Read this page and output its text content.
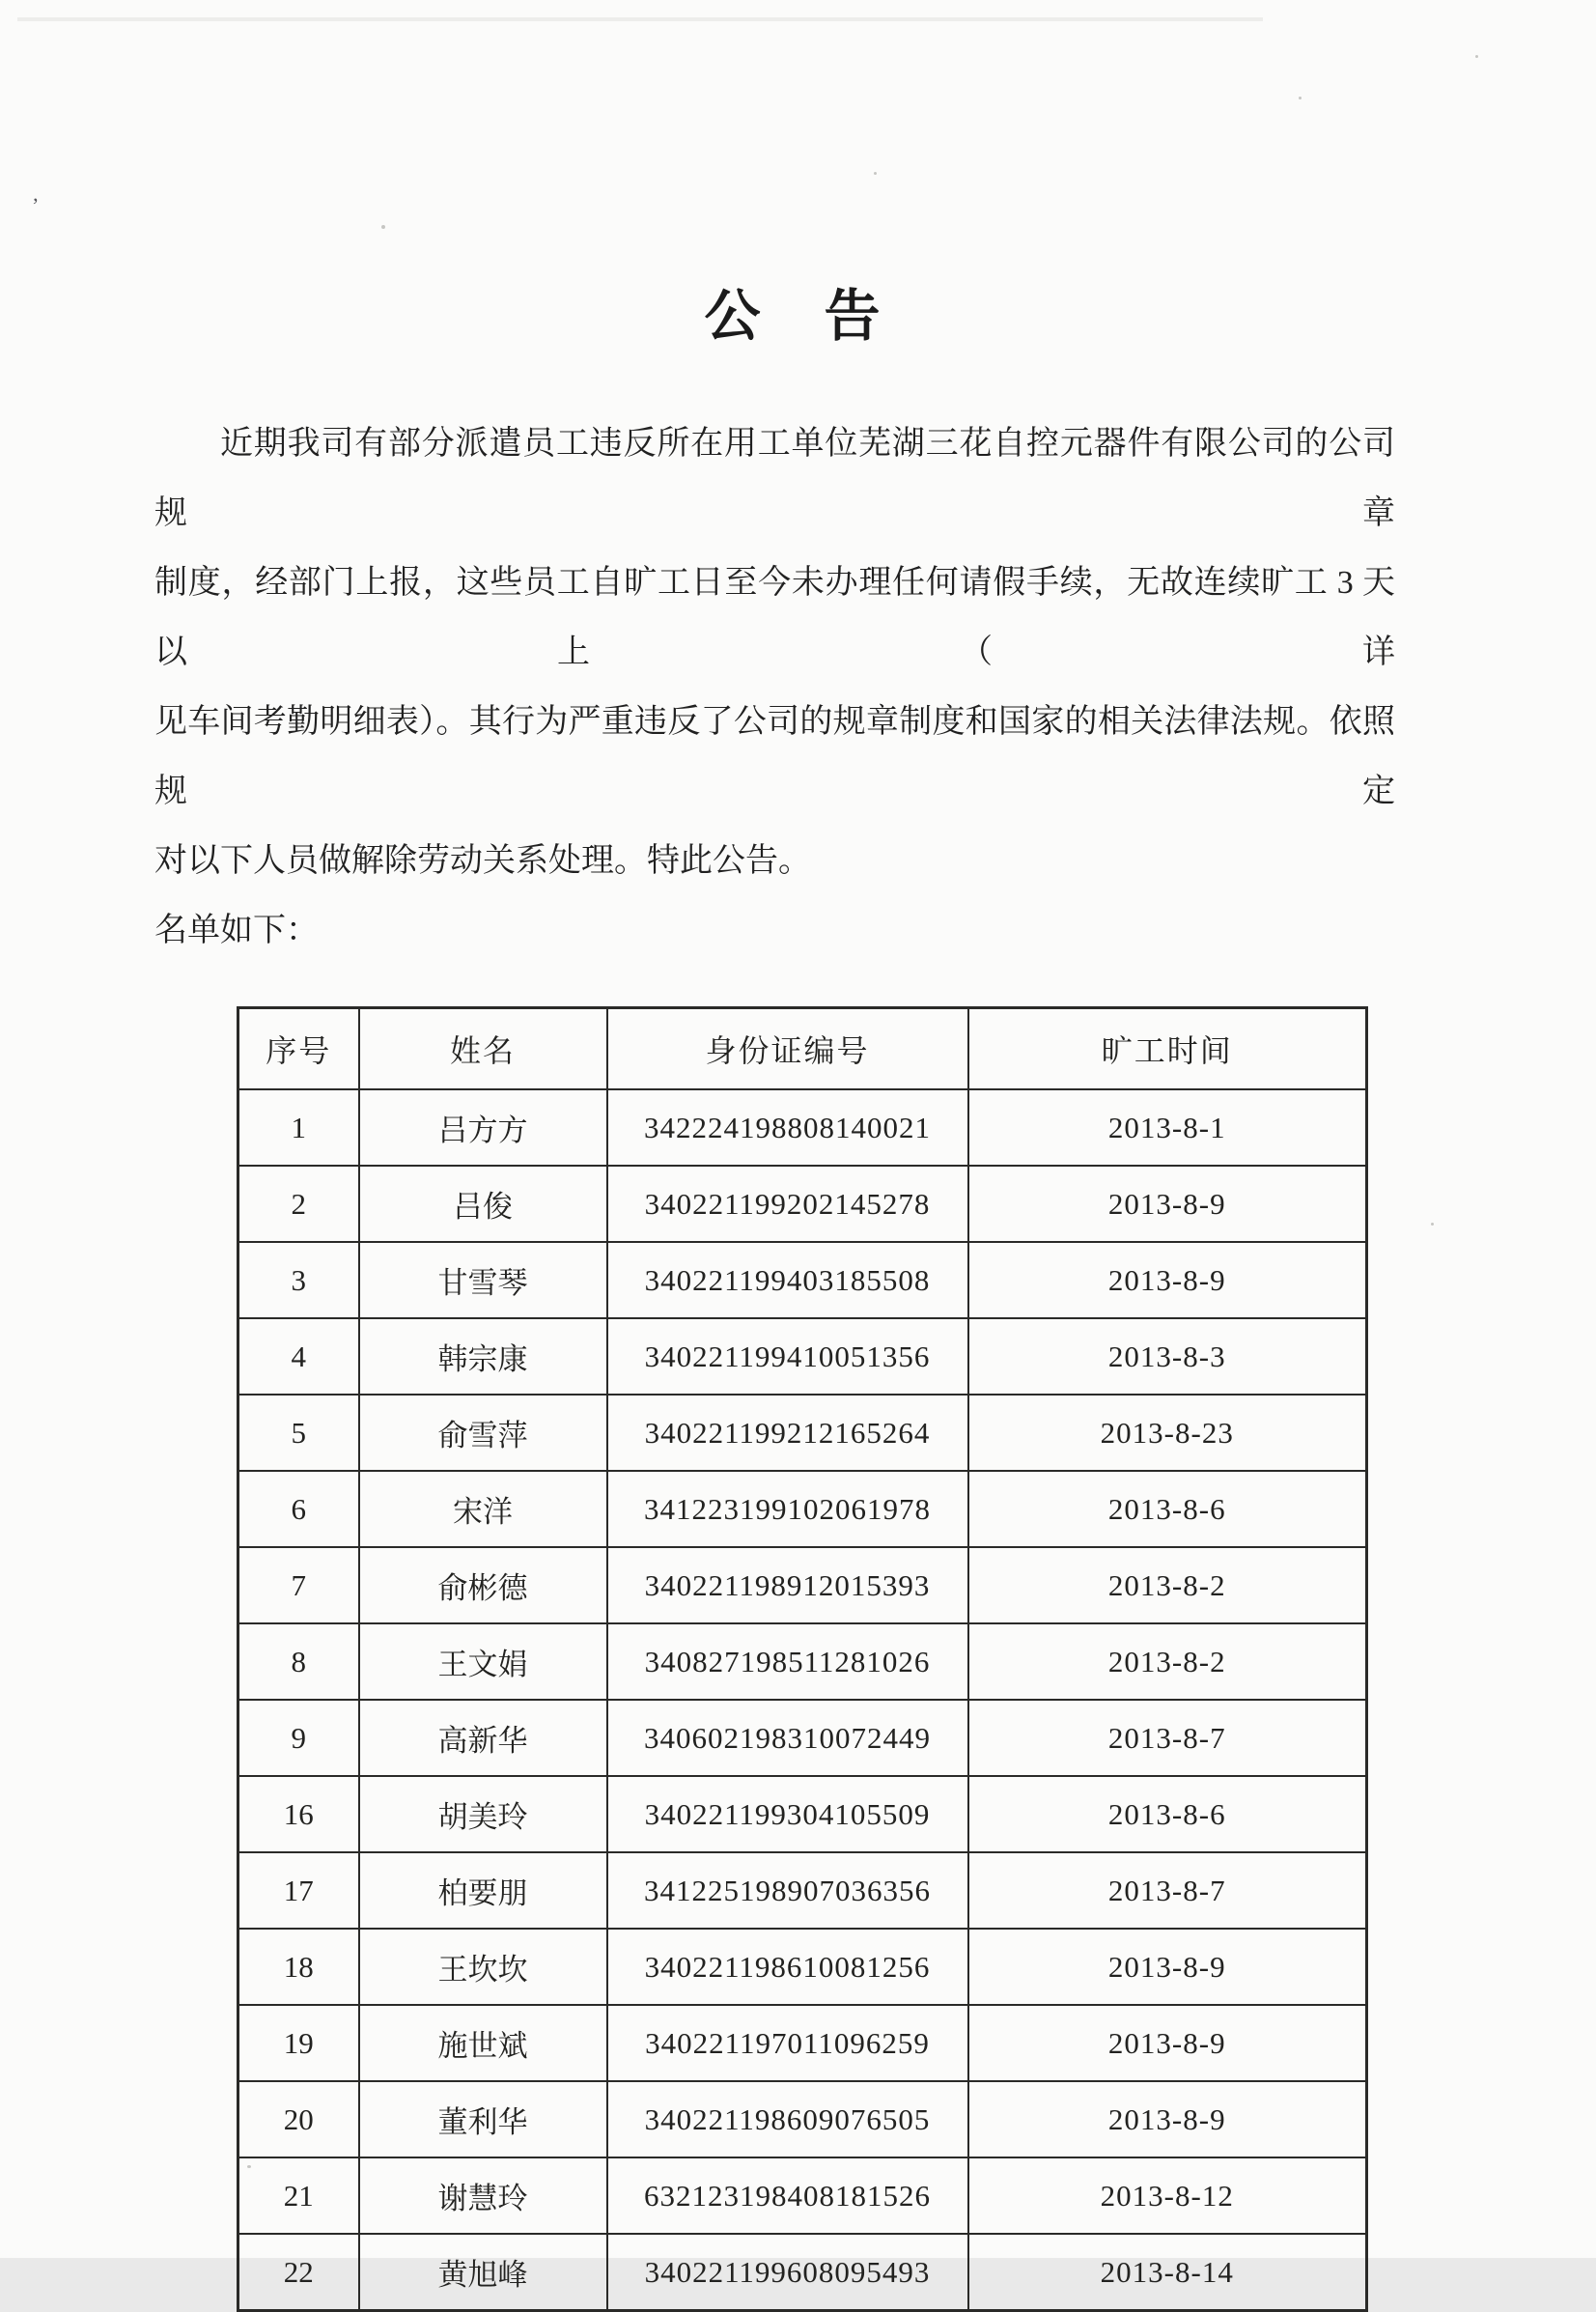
’
公　告
近期我司有部分派遣员工违反所在用工单位芜湖三花自控元器件有限公司的公司规章
制度，经部门上报，这些员工自旷工日至今未办理任何请假手续，无故连续旷工 3 天以上（详
见车间考勤明细表）。其行为严重违反了公司的规章制度和国家的相关法律法规。依照规定
对以下人员做解除劳动关系处理。特此公告。
名单如下：
序号	姓名	身份证编号	旷工时间
1	吕方方	342224198808140021	2013-8-1
2	吕俊	340221199202145278	2013-8-9
3	甘雪琴	340221199403185508	2013-8-9
4	韩宗康	340221199410051356	2013-8-3
5	俞雪萍	340221199212165264	2013-8-23
6	宋洋	341223199102061978	2013-8-6
7	俞彬德	340221198912015393	2013-8-2
8	王文娟	340827198511281026	2013-8-2
9	高新华	340602198310072449	2013-8-7
16	胡美玲	340221199304105509	2013-8-6
17	柏要朋	341225198907036356	2013-8-7
18	王坎坎	340221198610081256	2013-8-9
19	施世斌	340221197011096259	2013-8-9
20	董利华	340221198609076505	2013-8-9
21	谢慧玲	632123198408181526	2013-8-12
22	黄旭峰	340221199608095493	2013-8-14
